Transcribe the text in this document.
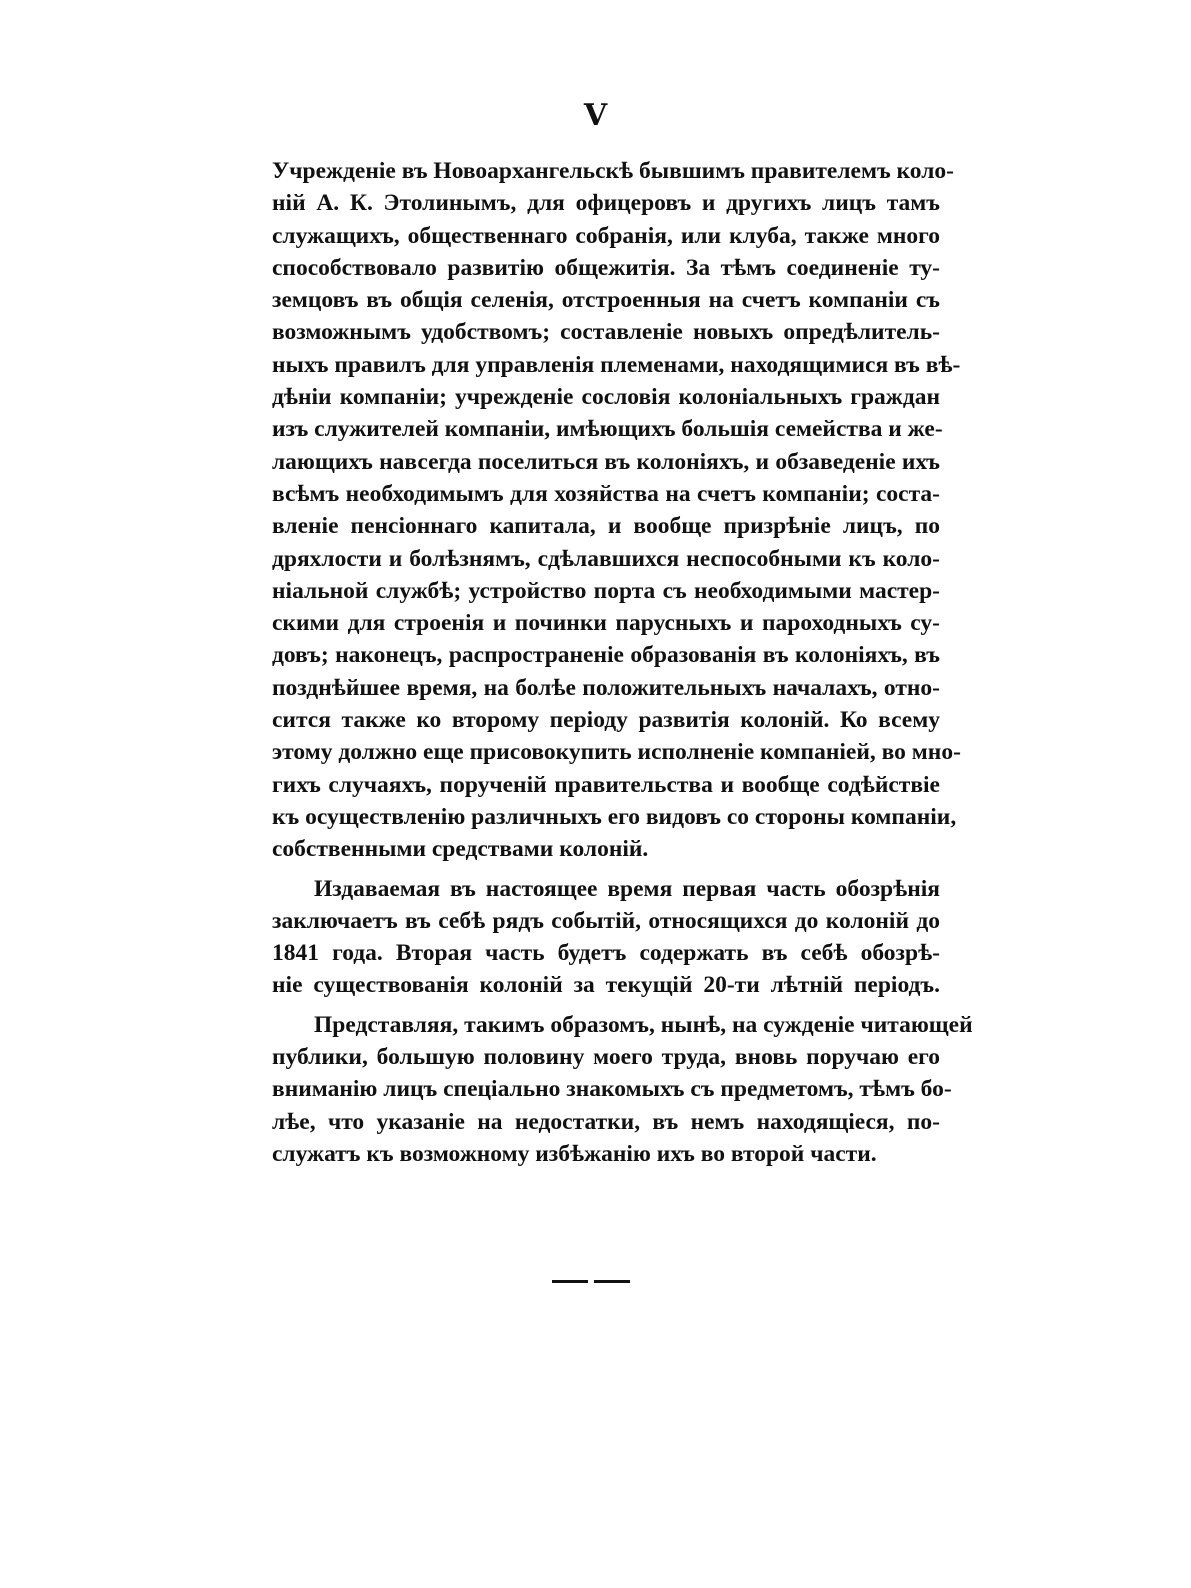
V
Учрежденіе въ Новоархангельскѣ бывшимъ правителемъ коло-
ній А. К. Этолинымъ, для офицеровъ и другихъ лицъ тамъ
служащихъ, общественнаго собранія, или клуба, также много
способствовало развитію общежитія. За тѣмъ соединеніе ту-
земцовъ въ общія селенія, отстроенныя на счетъ компаніи съ
возможнымъ удобствомъ; составленіе новыхъ опредѣлитель-
ныхъ правилъ для управленія племенами, находящимися въ вѣ-
дѣніи компаніи; учрежденіе сословія колоніальныхъ граждан
изъ служителей компаніи, имѣющихъ большія семейства и же-
лающихъ навсегда поселиться въ колоніяхъ, и обзаведеніе ихъ
всѣмъ необходимымъ для хозяйства на счетъ компаніи; соста-
вленіе пенсіоннаго капитала, и вообще призрѣніе лицъ, по
дряхлости и болѣзнямъ, сдѣлавшихся неспособными къ коло-
ніальной службѣ; устройство порта съ необходимыми мастер-
скими для строенія и починки парусныхъ и пароходныхъ су-
довъ; наконецъ, распространеніе образованія въ колоніяхъ, въ
позднѣйшее время, на болѣе положительныхъ началахъ, отно-
сится также ко второму періоду развитія колоній. Ко всему
этому должно еще присовокупить исполненіе компаніей, во мно-
гихъ случаяхъ, порученій правительства и вообще содѣйствіе
къ осуществленію различныхъ его видовъ со стороны компаніи,
собственными средствами колоній.
Издаваемая въ настоящее время первая часть обозрѣнія
заключаетъ въ себѣ рядъ событій, относящихся до колоній до
1841 года. Вторая часть будетъ содержать въ себѣ обозрѣ-
ніе существованія колоній за текущій 20-ти лѣтній періодъ.
Представляя, такимъ образомъ, нынѣ, на сужденіе читающей
публики, большую половину моего труда, вновь поручаю его
вниманію лицъ спеціально знакомыхъ съ предметомъ, тѣмъ бо-
лѣе, что указаніе на недостатки, въ немъ находящіеся, по-
служатъ къ возможному избѣжанію ихъ во второй части.
